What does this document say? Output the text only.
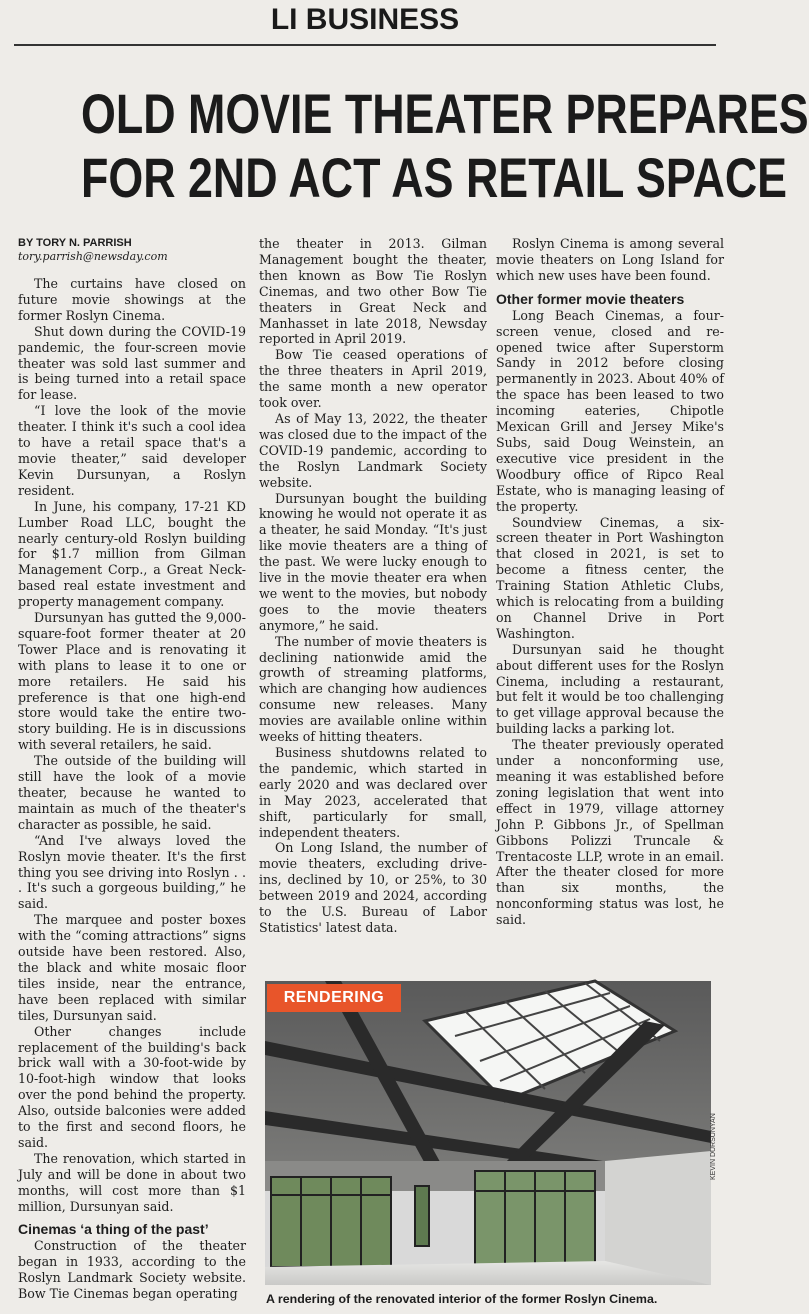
LI BUSINESS
OLD MOVIE THEATER PREPARES
FOR 2ND ACT AS RETAIL SPACE

BY TORY N. PARRISH

tory.parrish@newsday.com

The curtains have closed on future movie showings at the former Roslyn Cinema.

Shut down during the COVID-19 pandemic, the four-screen movie theater was sold last summer and is being turned into a retail space for lease.

“I love the look of the movie theater. I think it's such a cool idea to have a retail space that's a movie theater,” said developer Kevin Dursunyan, a Roslyn resident.

In June, his company, 17-21 KD Lumber Road LLC, bought the nearly century-old Roslyn building for $1.7 million from Gilman Management Corp., a Great Neck-based real estate investment and property management company.

Dursunyan has gutted the 9,000-square-foot former theater at 20 Tower Place and is renovating it with plans to lease it to one or more retailers. He said his preference is that one high-end store would take the entire two-story building. He is in discussions with several retailers, he said.

The outside of the building will still have the look of a movie theater, because he wanted to maintain as much of the theater's character as possible, he said.

“And I've always loved the Roslyn movie theater. It's the first thing you see driving into Roslyn . . . It's such a gorgeous building,” he said.

The marquee and poster boxes with the “coming attractions” signs outside have been restored. Also, the black and white mosaic floor tiles inside, near the entrance, have been replaced with similar tiles, Dursunyan said.

Other changes include replacement of the building's back brick wall with a 30-foot-wide by 10-foot-high window that looks over the pond behind the property. Also, outside balconies were added to the first and second floors, he said.

The renovation, which started in July and will be done in about two months, will cost more than $1 million, Dursunyan said.

Cinemas ‘a thing of the past’

Construction of the theater began in 1933, according to the Roslyn Landmark Society website. Bow Tie Cinemas began operating

the theater in 2013. Gilman Management bought the theater, then known as Bow Tie Roslyn Cinemas, and two other Bow Tie theaters in Great Neck and Manhasset in late 2018, Newsday reported in April 2019.

Bow Tie ceased operations of the three theaters in April 2019, the same month a new operator took over.

As of May 13, 2022, the theater was closed due to the impact of the COVID-19 pandemic, according to the Roslyn Landmark Society website.

Dursunyan bought the building knowing he would not operate it as a theater, he said Monday. “It's just like movie theaters are a thing of the past. We were lucky enough to live in the movie theater era when we went to the movies, but nobody goes to the movie theaters anymore,” he said.

The number of movie theaters is declining nationwide amid the growth of streaming platforms, which are changing how audiences consume new releases. Many movies are available online within weeks of hitting theaters.

Business shutdowns related to the pandemic, which started in early 2020 and was declared over in May 2023, accelerated that shift, particularly for small, independent theaters.

On Long Island, the number of movie theaters, excluding drive-ins, declined by 10, or 25%, to 30 between 2019 and 2024, according to the U.S. Bureau of Labor Statistics' latest data.

Roslyn Cinema is among several movie theaters on Long Island for which new uses have been found.

Other former movie theaters

Long Beach Cinemas, a four-screen venue, closed and re-opened twice after Superstorm Sandy in 2012 before closing permanently in 2023. About 40% of the space has been leased to two incoming eateries, Chipotle Mexican Grill and Jersey Mike's Subs, said Doug Weinstein, an executive vice president in the Woodbury office of Ripco Real Estate, who is managing leasing of the property.

Soundview Cinemas, a six-screen theater in Port Washington that closed in 2021, is set to become a fitness center, the Training Station Athletic Clubs, which is relocating from a building on Channel Drive in Port Washington.

Dursunyan said he thought about different uses for the Roslyn Cinema, including a restaurant, but felt it would be too challenging to get village approval because the building lacks a parking lot.

The theater previously operated under a nonconforming use, meaning it was established before zoning legislation that went into effect in 1979, village attorney John P. Gibbons Jr., of Spellman Gibbons Polizzi Truncale & Trentacoste LLP, wrote in an email. After the theater closed for more than six months, the nonconforming status was lost, he said.

RENDERING
KEVIN DURSUNYAN
A rendering of the renovated interior of the former Roslyn Cinema.
